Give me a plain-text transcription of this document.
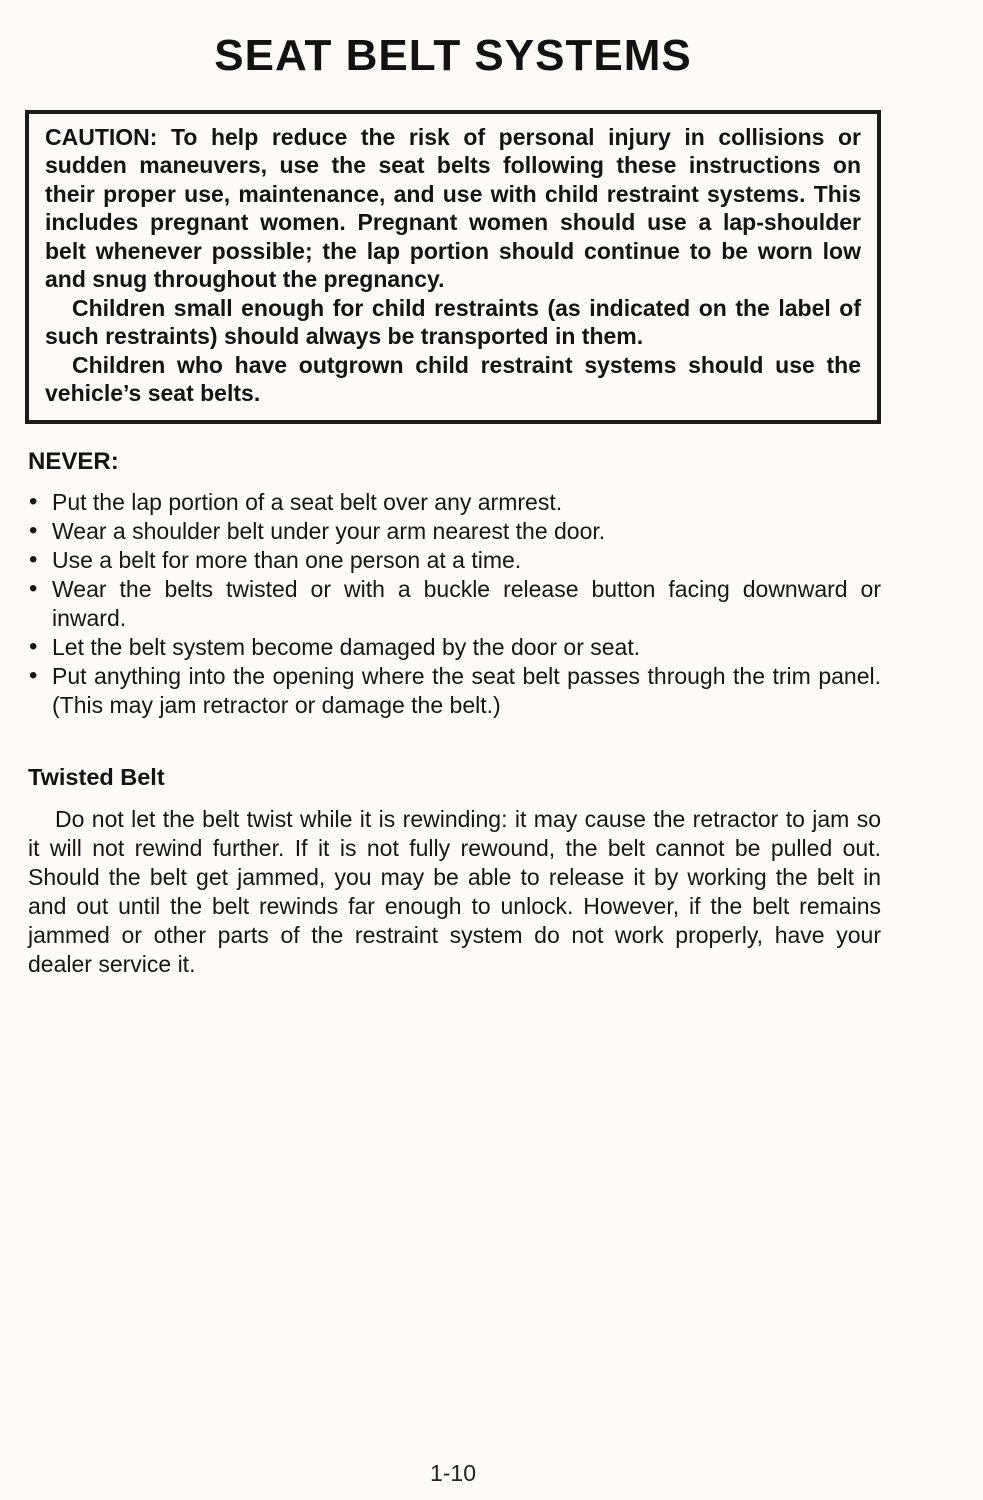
SEAT BELT SYSTEMS

CAUTION: To help reduce the risk of personal injury in collisions or sudden maneuvers, use the seat belts following these instructions on their proper use, maintenance, and use with child restraint systems. This includes pregnant women. Pregnant women should use a lap-shoulder belt whenever possible; the lap portion should continue to be worn low and snug throughout the pregnancy.

Children small enough for child restraints (as indicated on the label of such restraints) should always be transported in them.

Children who have outgrown child restraint systems should use the vehicle’s seat belts.

NEVER:
• Put the lap portion of a seat belt over any armrest.
• Wear a shoulder belt under your arm nearest the door.
• Use a belt for more than one person at a time.
• Wear the belts twisted or with a buckle release button facing downward or inward.
• Let the belt system become damaged by the door or seat.
• Put anything into the opening where the seat belt passes through the trim panel. (This may jam retractor or damage the belt.)
Twisted Belt

Do not let the belt twist while it is rewinding: it may cause the retractor to jam so it will not rewind further. If it is not fully rewound, the belt cannot be pulled out. Should the belt get jammed, you may be able to release it by working the belt in and out until the belt rewinds far enough to unlock. However, if the belt remains jammed or other parts of the restraint system do not work properly, have your dealer service it.

1-10
